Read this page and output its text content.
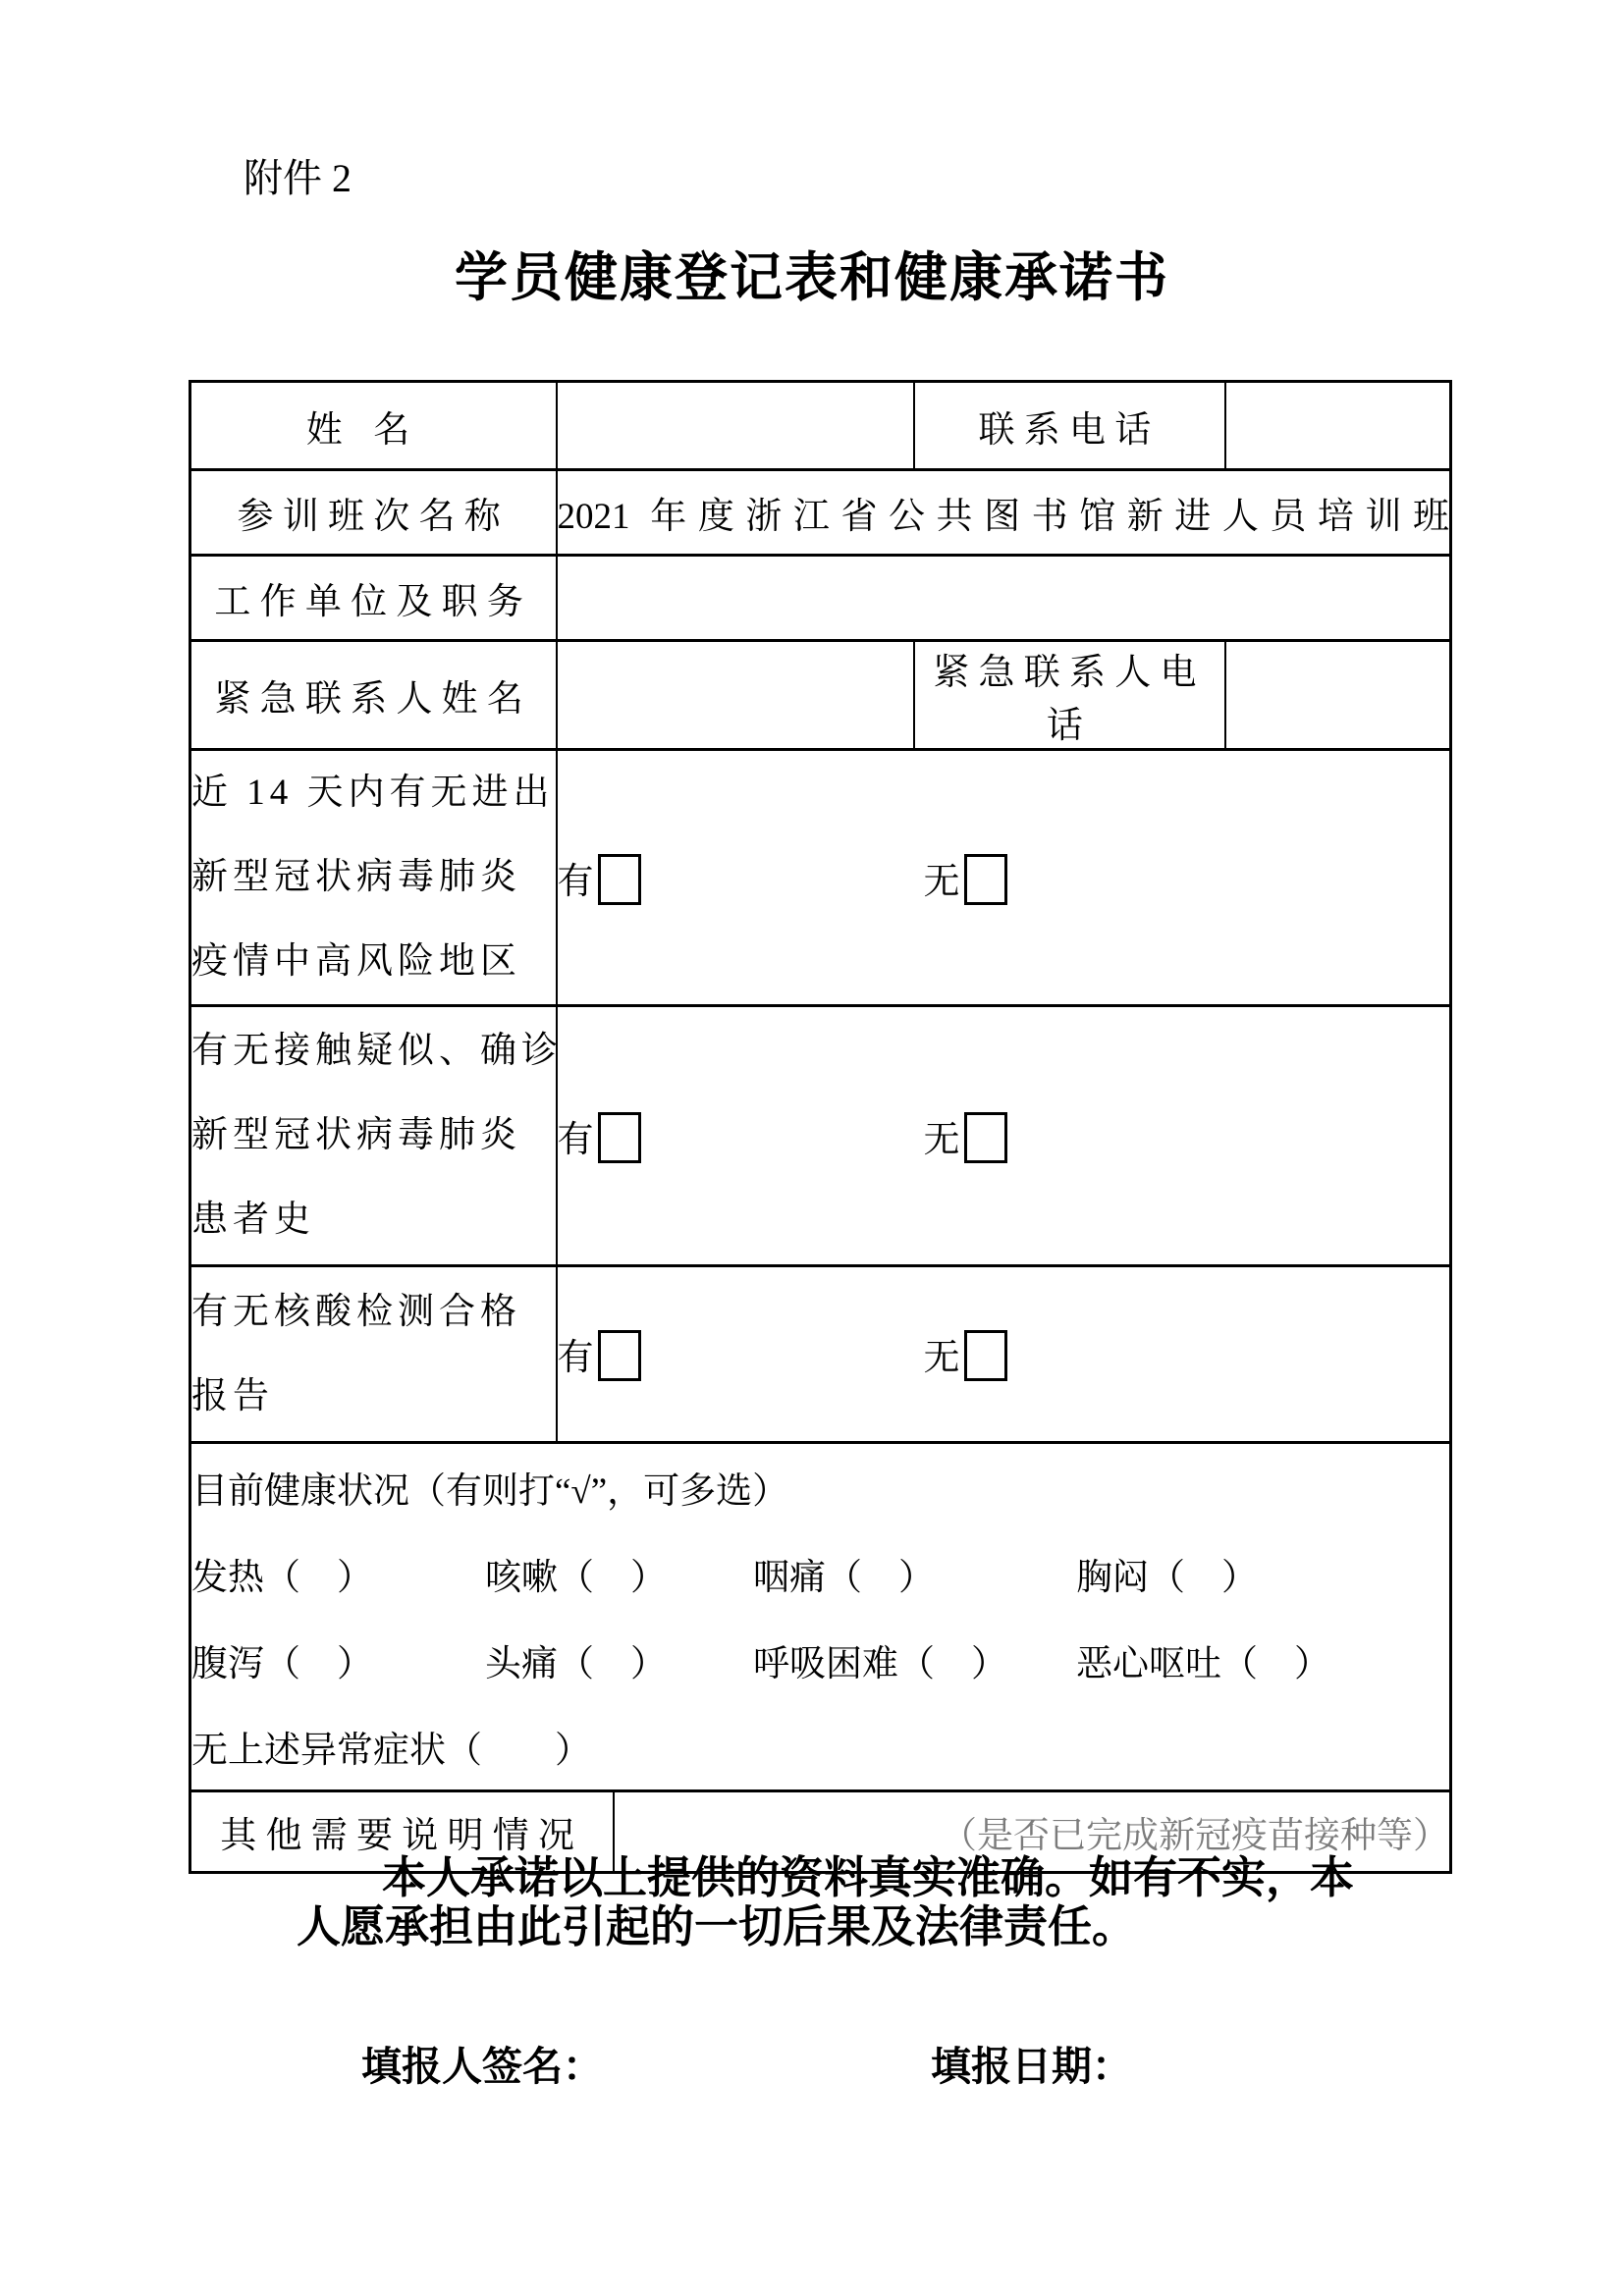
附件 2
学员健康登记表和健康承诺书
姓名			联系电话	
参训班次名称	2021 年度浙江省公共图书馆新进人员培训班			
工作单位及职务				
紧急联系人姓名			紧急联系人电话	

近 14 天内有无进出
新型冠状病毒肺炎
疫情中高风险地区	有 无			

有无接触疑似、确诊
新型冠状病毒肺炎
患者史	有 无			

有无核酸检测合格
报告	有 无			

目前健康状况（有则打“√”，可多选）
发热（　）	咳嗽（　）	咽痛（　）	胸闷（　）
腹泻（　）	头痛（　）	呼吸困难（　）	恶心呕吐（　）
无上述异常症状（　　）

其他需要说明情况		（是否已完成新冠疫苗接种等）		
本人承诺以上提供的资料真实准确。如有不实，本
人愿承担由此引起的一切后果及法律责任。
填报人签名：	填报日期：
